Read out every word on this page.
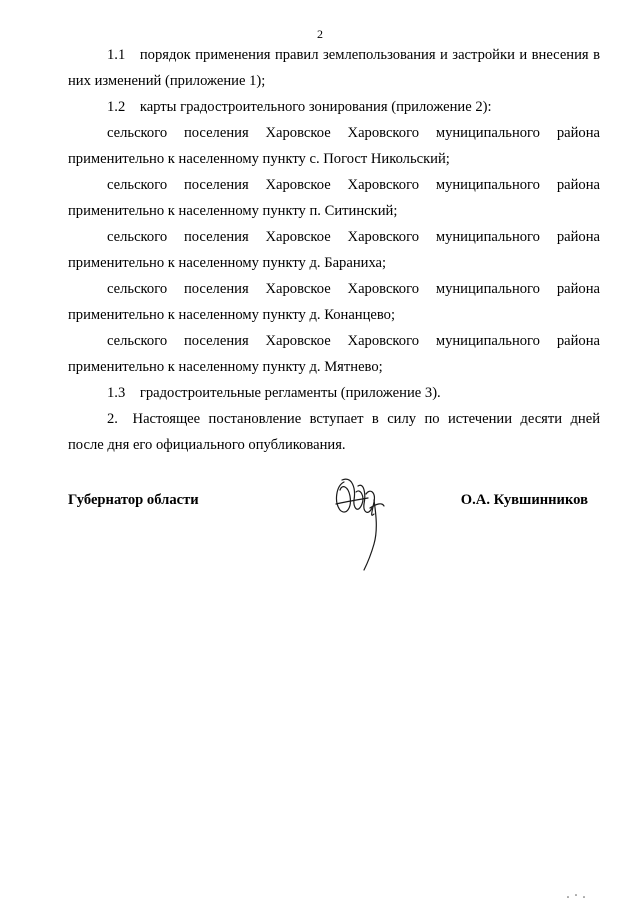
2

1.1 порядок применения правил землепользования и застройки и внесения в них изменений (приложение 1);

1.2 карты градостроительного зонирования (приложение 2):

сельского поселения Харовское Харовского муниципального района применительно к населенному пункту с. Погост Никольский;

сельского поселения Харовское Харовского муниципального района применительно к населенному пункту п. Ситинский;

сельского поселения Харовское Харовского муниципального района применительно к населенному пункту д. Бараниха;

сельского поселения Харовское Харовского муниципального района применительно к населенному пункту д. Конанцево;

сельского поселения Харовское Харовского муниципального района применительно к населенному пункту д. Мятнево;

1.3 градостроительные регламенты (приложение 3).

2. Настоящее постановление вступает в силу по истечении десяти дней после дня его официального опубликования.

Губернатор области	О.А. Кувшинников
